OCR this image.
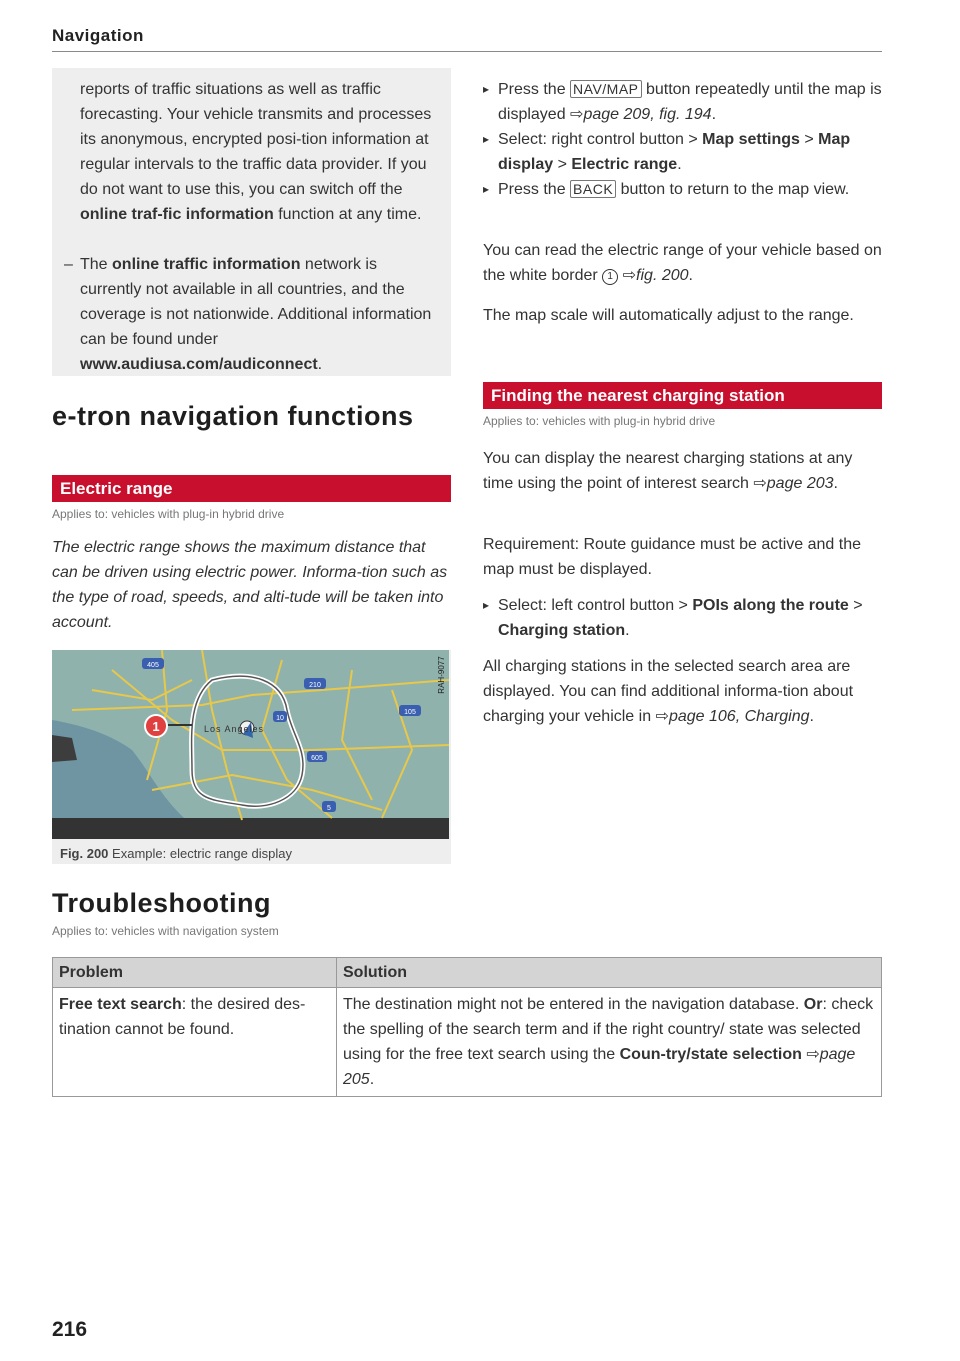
Navigation
reports of traffic situations as well as traffic forecasting. Your vehicle transmits and processes its anonymous, encrypted posi-tion information at regular intervals to the traffic data provider. If you do not want to use this, you can switch off the online traf-fic information function at any time.
– The online traffic information network is currently not available in all countries, and the coverage is not nationwide. Additional information can be found under www.audiusa.com/audiconnect.
e-tron navigation functions
Electric range
Applies to: vehicles with plug-in hybrid drive
The electric range shows the maximum distance that can be driven using electric power. Informa-tion such as the type of road, speeds, and alti-tude will be taken into account.
Los Angeles
RAH-9077
1
405
210
10
605
105
5
Fig. 200 Example: electric range display
Troubleshooting
Applies to: vehicles with navigation system
Problem	Solution
Free text search: the desired des-tination cannot be found.	The destination might not be entered in the navigation database. Or: check the spelling of the search term and if the right country/ state was selected using for the free text search using the Coun-try/state selection ⇨page 205.
▸ Press the NAV/MAP button repeatedly until the map is displayed ⇨page 209, fig. 194.
▸ Select: right control button > Map settings > Map display > Electric range.
▸ Press the BACK button to return to the map view.
You can read the electric range of your vehicle based on the white border 1 ⇨fig. 200.
The map scale will automatically adjust to the range.
Finding the nearest charging station
Applies to: vehicles with plug-in hybrid drive
You can display the nearest charging stations at any time using the point of interest search ⇨page 203.
Requirement: Route guidance must be active and the map must be displayed.
▸ Select: left control button > POIs along the route > Charging station.
All charging stations in the selected search area are displayed. You can find additional informa-tion about charging your vehicle in ⇨page 106, Charging.
216
